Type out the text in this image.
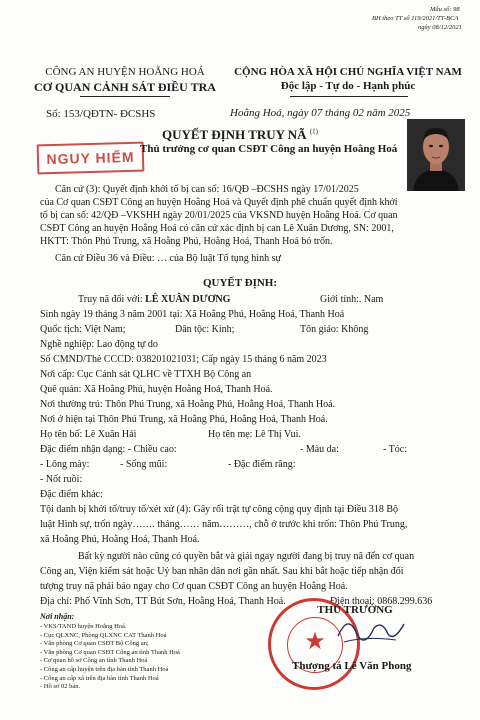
Mẫu số: 98
BH theo TT số 119/2021/TT-BCA
ngày 08/12/2021
CÔNG AN HUYỆN HOẰNG HOÁ
CƠ QUAN CẢNH SÁT ĐIỀU TRA
Số: 153/QĐTN- ĐCSHS
CỘNG HÒA XÃ HỘI CHỦ NGHĨA VIỆT NAM
Độc lập - Tự do - Hạnh phúc
Hoằng Hoá, ngày 07 tháng 02 năm 2025
NGUY HIỂM
QUYẾT ĐỊNH TRUY NÃ $^{(1)}$
Thủ trưởng cơ quan CSĐT Công an huyện Hoằng Hoá
Căn cứ (3): Quyết định khởi tố bị can số: 16/QĐ –ĐCSHS ngày 17/01/2025
của Cơ quan CSĐT Công an huyện Hoằng Hoá và Quyết định phê chuẩn quyết định khởi
tố bị can số: 42/QĐ –VKSHH ngày 20/01/2025 của VKSND huyện Hoằng Hoá. Cơ quan
CSĐT Công an huyện Hoằng Hoá có căn cứ xác định bị can Lê Xuân Dương, SN: 2001,
HKTT: Thôn Phú Trung, xã Hoằng Phú, Hoằng Hoá, Thanh Hoá bỏ trốn.
Căn cứ Điều 36 và Điều: … của Bộ luật Tố tụng hình sự
QUYẾT ĐỊNH:
Truy nã đối với: LÊ XUÂN DƯƠNG	Giới tính:. Nam
Sinh ngày 19 tháng 3 năm 2001 tại: Xã Hoằng Phú, Hoằng Hoá, Thanh Hoá
Quốc tịch: Việt Nam;	Dân tộc: Kinh;	Tôn giáo: Không
Nghề nghiệp: Lao động tự do
Số CMND/Thẻ CCCD: 038201021031; Cấp ngày 15 tháng 6 năm 2023
Nơi cấp: Cục Cảnh sát QLHC về TTXH Bộ Công an
Quê quán: Xã Hoằng Phú, huyện Hoằng Hoá, Thanh Hoá.
Nơi thường trú: Thôn Phú Trung, xã Hoằng Phú, Hoằng Hoá, Thanh Hoá.
Nơi ở hiện tại Thôn Phú Trung, xã Hoằng Phú, Hoằng Hoá, Thanh Hoá.
Họ tên bố: Lê Xuân Hải	Họ tên mẹ: Lê Thị Vui.
Đặc điểm nhận dạng: - Chiều cao:	- Màu da:	- Tóc:
- Lông mày:	- Sống mũi:	- Đặc điểm răng:
- Nốt ruồi:
Đặc điểm khác:
Tội danh bị khởi tố/truy tố/xét xử (4): Gây rối trật tự công cộng quy định tại Điều 318 Bộ
luật Hình sự, trốn ngày……. tháng…… năm………, chỗ ở trước khi trốn: Thôn Phú Trung,
xã Hoằng Phú, Hoằng Hoá, Thanh Hoá.
Bất kỳ người nào cũng có quyền bắt và giải ngay người đang bị truy nã đến cơ quan
Công an, Viện kiểm sát hoặc Uỷ ban nhân dân nơi gần nhất. Sau khi bắt hoặc tiếp nhận đối
tượng truy nã phải báo ngay cho Cơ quan CSĐT Công an huyện Hoằng Hoá.
Địa chỉ: Phố Vĩnh Sơn, TT Bút Sơn, Hoằng Hoá, Thanh Hoá.	Điện thoại: 0868.299.636
Nơi nhận:
- VKS/TAND huyện Hoằng Hoá.
- Cục QLXNC, Phòng QLXNC CAT Thanh Hoá
- Văn phòng Cơ quan CSĐT Bộ Công an;
- Văn phòng Cơ quan CSĐT Công an tỉnh Thanh Hoá
- Cơ quan hồ sơ Công an tỉnh Thanh Hoá
- Công an cấp huyện trên địa bàn tỉnh Thanh Hoá
- Công an cấp xã trên địa bàn tỉnh Thanh Hoá
- Hồ sơ 02 bản.
★
THỦ TRƯỞNG
Thượng tá Lê Văn Phong
